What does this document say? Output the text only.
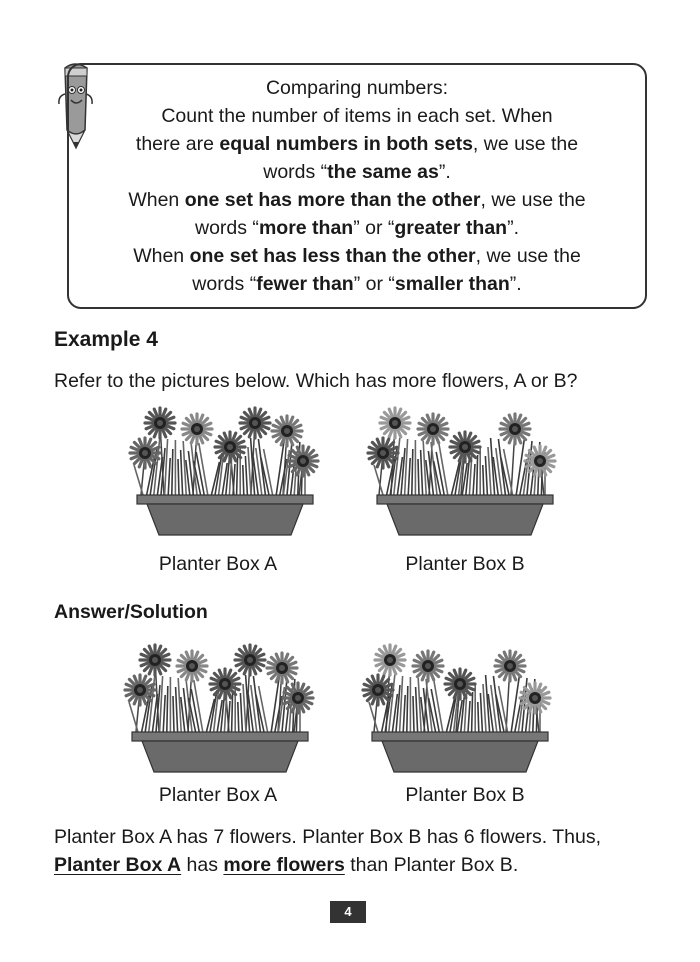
Comparing numbers:
Count the number of items in each set. When
there are equal numbers in both sets, we use the
words “the same as”.
When one set has more than the other, we use the
words “more than” or “greater than”.
When one set has less than the other, we use the
words “fewer than” or “smaller than”.
Example 4
Refer to the pictures below. Which has more flowers, A or B?
Planter Box A	Planter Box B
Answer/Solution
Planter Box A	Planter Box B
Planter Box A has 7 flowers. Planter Box B has 6 flowers. Thus,
Planter Box A has more flowers than Planter Box B.
4
